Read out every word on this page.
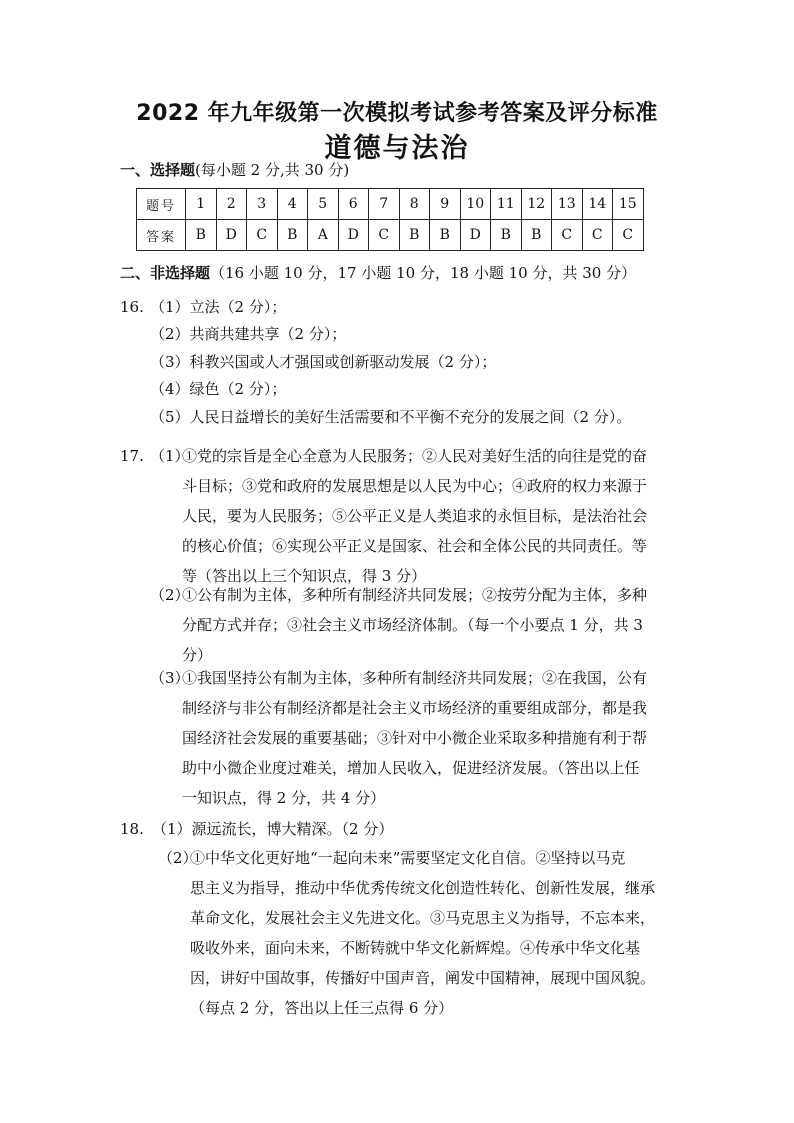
2022 年九年级第一次模拟考试参考答案及评分标准
道德与法治
一、选择题(每小题 2 分,共 30 分)
题号	1	2	3	4	5	6	7	8	9	10	11	12	13	14	15
答案	B	D	C	B	A	D	C	B	B	D	B	B	C	C	C
二、非选择题（16 小题 10 分，17 小题 10 分，18 小题 10 分，共 30 分）
16. （1）立法（2 分）；
（2）共商共建共享（2 分）；
（3）科教兴国或人才强国或创新驱动发展（2 分）；
（4）绿色（2 分）；
（5）人民日益增长的美好生活需要和不平衡不充分的发展之间（2 分）。
17. （1）
①党的宗旨是全心全意为人民服务；②人民对美好生活的向往是党的奋
斗目标；③党和政府的发展思想是以人民为中心；④政府的权力来源于
人民，要为人民服务；⑤公平正义是人类追求的永恒目标，是法治社会
的核心价值；⑥实现公平正义是国家、社会和全体公民的共同责任。等
等（答出以上三个知识点，得 3 分）
（2）
①公有制为主体，多种所有制经济共同发展；②按劳分配为主体，多种
分配方式并存；③社会主义市场经济体制。（每一个小要点 1 分，共 3
分）
（3）
①我国坚持公有制为主体，多种所有制经济共同发展；②在我国，公有
制经济与非公有制经济都是社会主义市场经济的重要组成部分，都是我
国经济社会发展的重要基础；③针对中小微企业采取多种措施有利于帮
助中小微企业度过难关，增加人民收入，促进经济发展。（答出以上任
一知识点，得 2 分，共 4 分）
18. （1）源远流长，博大精深。（2 分）
（2）
①中华文化更好地“一起向未来”需要坚定文化自信。②坚持以马克
思主义为指导，推动中华优秀传统文化创造性转化、创新性发展，继承
革命文化，发展社会主义先进文化。③马克思主义为指导，不忘本来，
吸收外来，面向未来，不断铸就中华文化新辉煌。④传承中华文化基
因，讲好中国故事，传播好中国声音，阐发中国精神，展现中国风貌。
（每点 2 分，答出以上任三点得 6 分）
